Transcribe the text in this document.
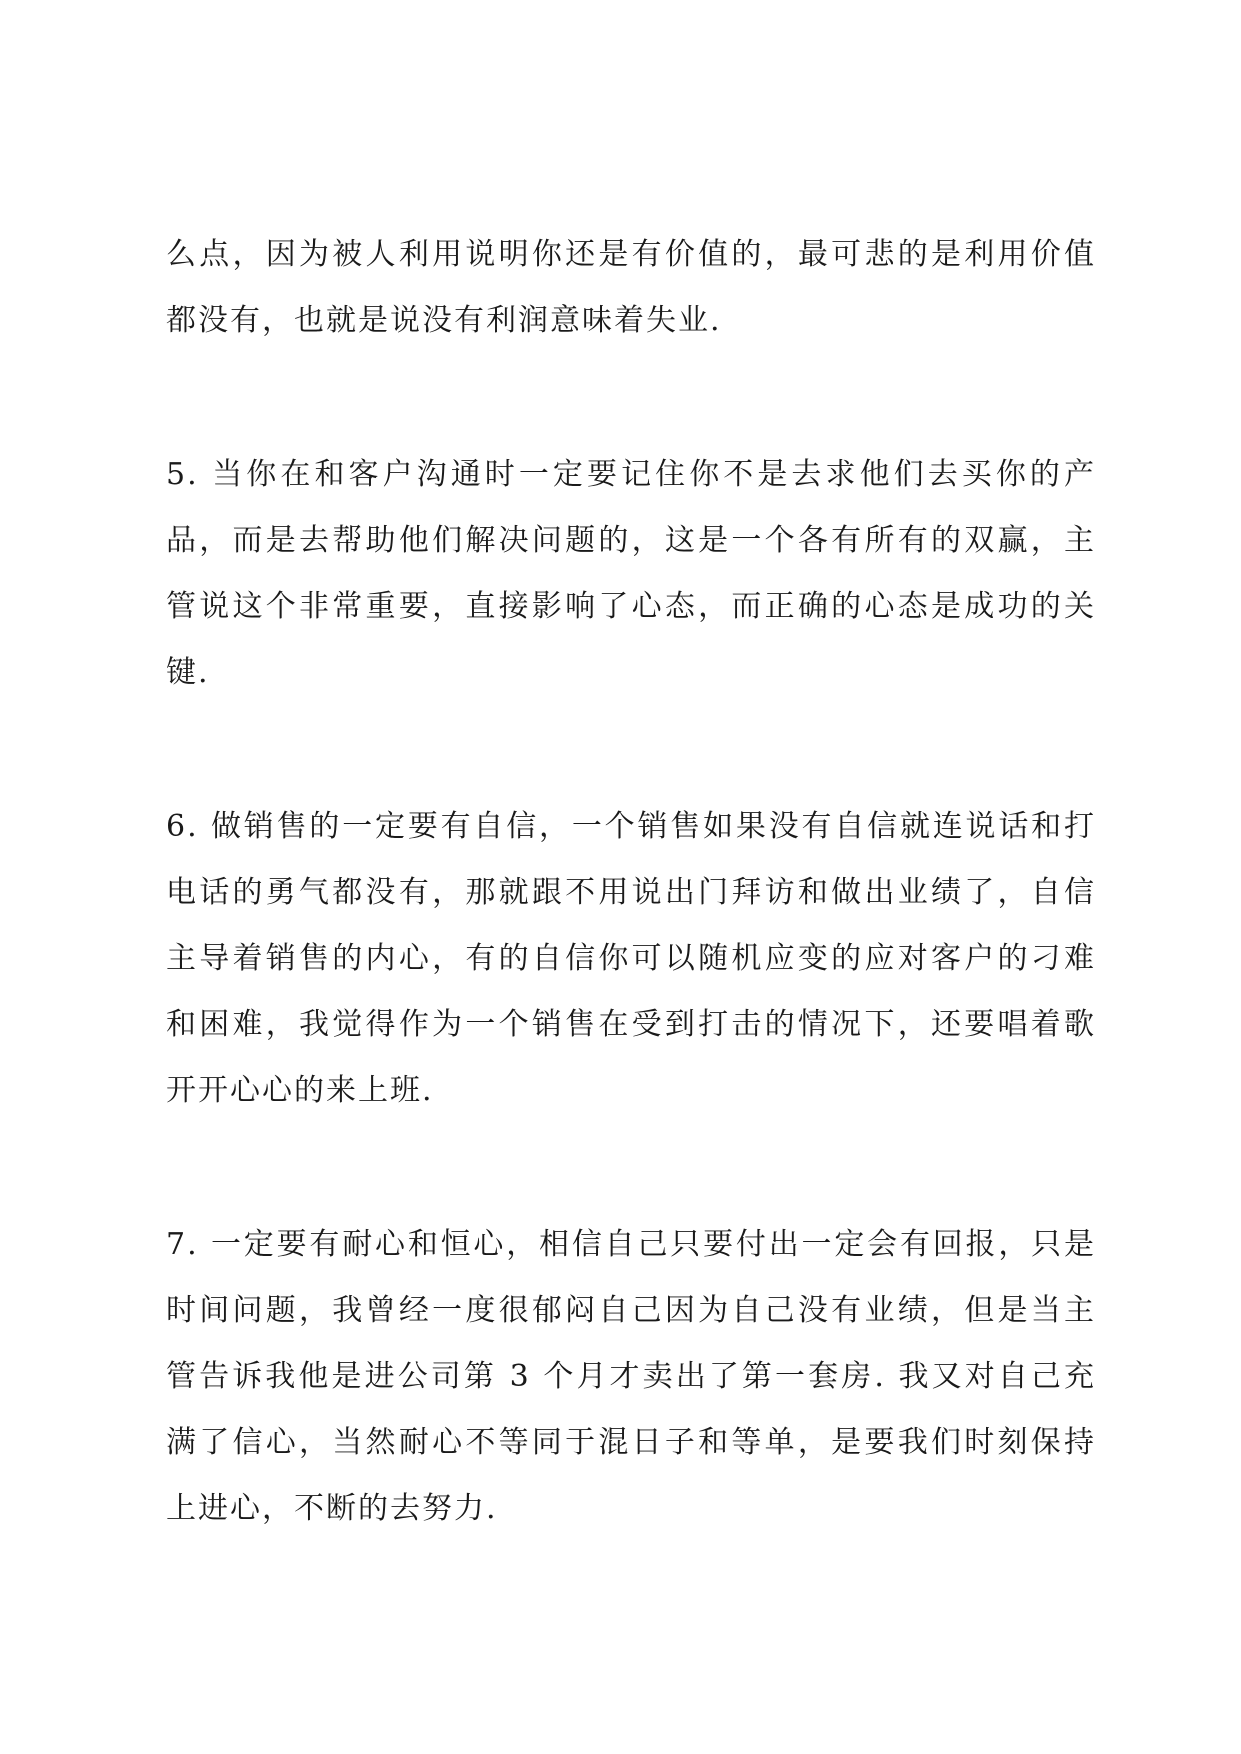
么点，因为被人利用说明你还是有价值的，最可悲的是利用价值
都没有，也就是说没有利润意味着失业.
5. 当你在和客户沟通时一定要记住你不是去求他们去买你的产
品，而是去帮助他们解决问题的，这是一个各有所有的双赢，主
管说这个非常重要，直接影响了心态，而正确的心态是成功的关
键.
6. 做销售的一定要有自信，一个销售如果没有自信就连说话和打
电话的勇气都没有，那就跟不用说出门拜访和做出业绩了，自信
主导着销售的内心，有的自信你可以随机应变的应对客户的刁难
和困难，我觉得作为一个销售在受到打击的情况下，还要唱着歌
开开心心的来上班.
7. 一定要有耐心和恒心，相信自己只要付出一定会有回报，只是
时间问题，我曾经一度很郁闷自己因为自己没有业绩，但是当主
管告诉我他是进公司第 3 个月才卖出了第一套房. 我又对自己充
满了信心，当然耐心不等同于混日子和等单，是要我们时刻保持
上进心，不断的去努力.
